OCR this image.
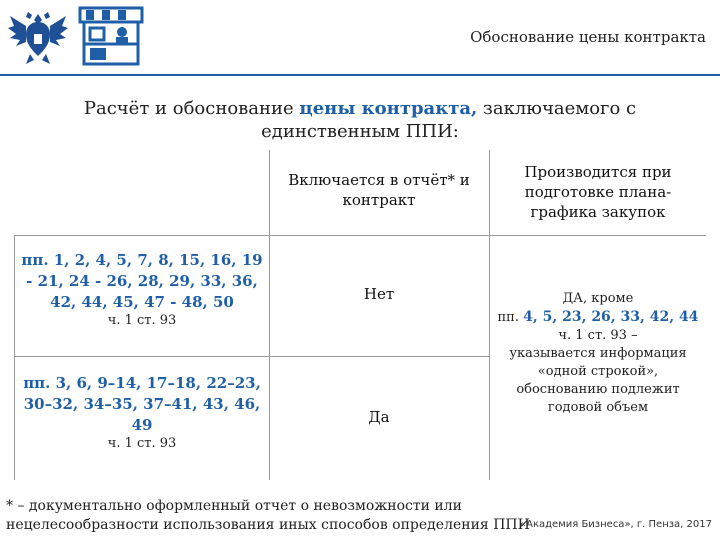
Обоснование цены контракта
Расчёт и обоснование цены контракта, заключаемого с единственным ППИ:
Включается в отчёт* и контракт
Производится при подготовке плана-графика закупок
пп. 1, 2, 4, 5, 7, 8, 15, 16, 19 - 21, 24 - 26, 28, 29, 33, 36, 42, 44, 45, 47 - 48, 50
ч. 1 ст. 93
Нет
пп. 3, 6, 9–14, 17–18, 22–23, 30–32, 34–35, 37–41, 43, 46, 49
ч. 1 ст. 93
Да
ДА, кроме
пп. 4, 5, 23, 26, 33, 42, 44 ч. 1 ст. 93 –
указывается информация «одной строкой», обоснованию подлежит годовой объем
* – документально оформленный отчет о невозможности или нецелесообразности использования иных способов определения ППИ
«Академия Бизнеса», г. Пенза, 2017
